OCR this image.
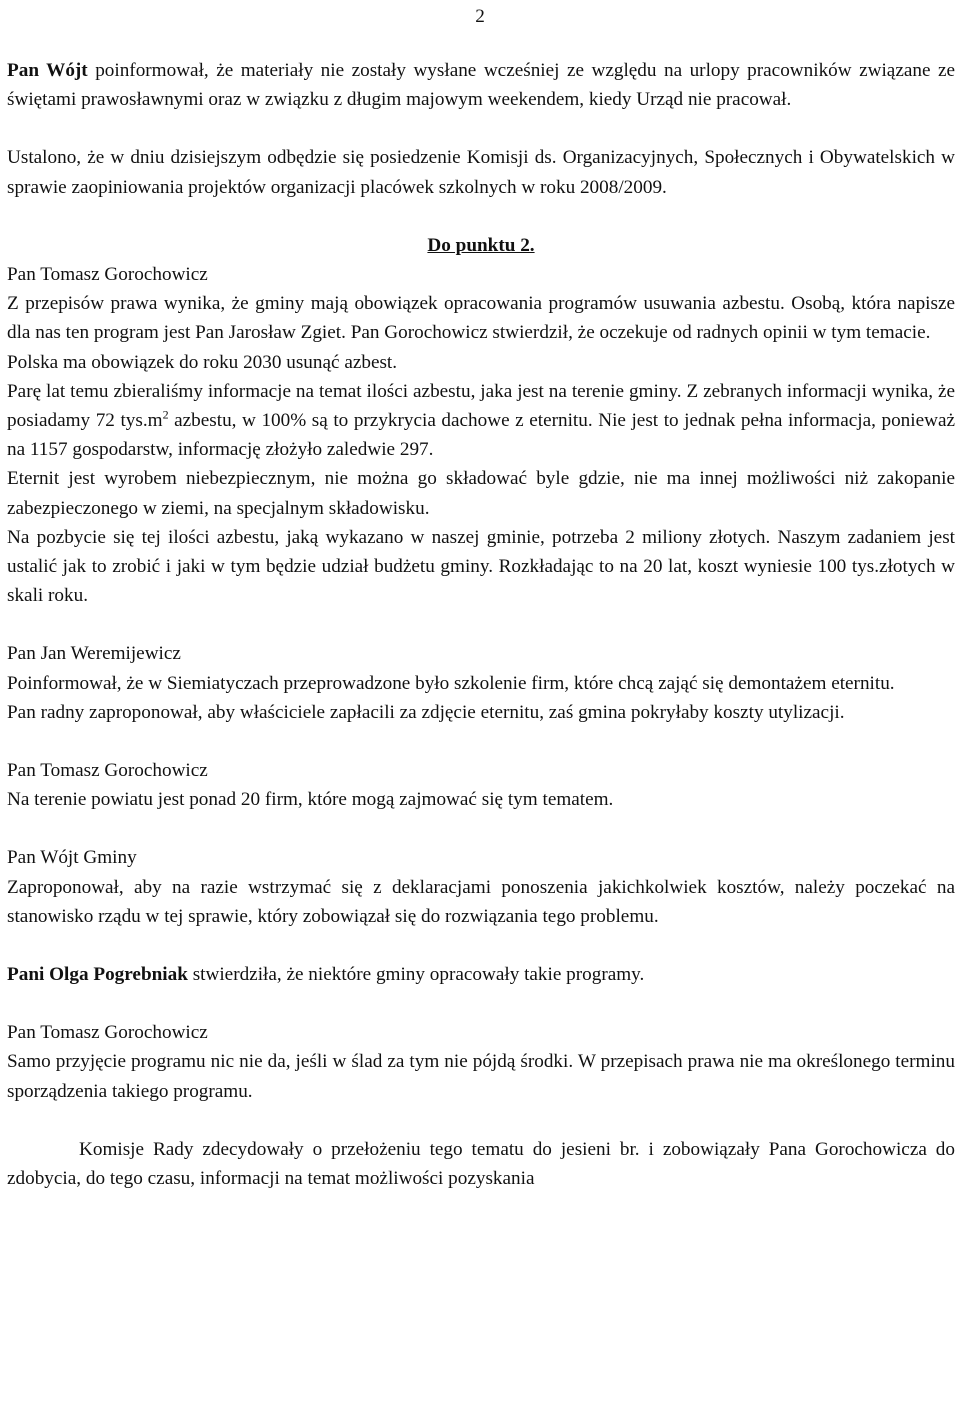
2

Pan Wójt poinformował, że materiały nie zostały wysłane wcześniej ze względu na urlopy pracowników związane ze świętami prawosławnymi oraz w związku z długim majowym weekendem, kiedy Urząd nie pracował.

Ustalono, że w dniu dzisiejszym odbędzie się posiedzenie Komisji ds. Organizacyjnych, Społecznych i Obywatelskich w sprawie zaopiniowania projektów organizacji placówek szkolnych w roku 2008/2009.

Do punktu 2.

Pan Tomasz Gorochowicz

Z przepisów prawa wynika, że gminy mają obowiązek opracowania programów usuwania azbestu. Osobą, która napisze dla nas ten program jest Pan Jarosław Zgiet. Pan Gorochowicz stwierdził, że oczekuje od radnych opinii w tym temacie.

Polska ma obowiązek do roku 2030 usunąć azbest.

Parę lat temu zbieraliśmy informacje na temat ilości azbestu, jaka jest na terenie gminy. Z zebranych informacji wynika, że posiadamy 72 $tys.m^2$ azbestu, w 100% są to przykrycia dachowe z eternitu. Nie jest to jednak pełna informacja, ponieważ na 1157 gospodarstw, informację złożyło zaledwie 297.

Eternit jest wyrobem niebezpiecznym, nie można go składować byle gdzie, nie ma innej możliwości niż zakopanie zabezpieczonego w ziemi, na specjalnym składowisku.

Na pozbycie się tej ilości azbestu, jaką wykazano w naszej gminie, potrzeba 2 miliony złotych. Naszym zadaniem jest ustalić jak to zrobić i jaki w tym będzie udział budżetu gminy. Rozkładając to na 20 lat, koszt wyniesie 100 tys.złotych w skali roku.

Pan Jan Weremijewicz

Poinformował, że w Siemiatyczach przeprowadzone było szkolenie firm, które chcą zająć się demontażem eternitu.

Pan radny zaproponował, aby właściciele zapłacili za zdjęcie eternitu, zaś gmina pokryłaby koszty utylizacji.

Pan Tomasz Gorochowicz

Na terenie powiatu jest ponad 20 firm, które mogą zajmować się tym tematem.

Pan Wójt Gminy

Zaproponował, aby na razie wstrzymać się z deklaracjami ponoszenia jakichkolwiek kosztów, należy poczekać na stanowisko rządu w tej sprawie, który zobowiązał się do rozwiązania tego problemu.

Pani Olga Pogrebniak stwierdziła, że niektóre gminy opracowały takie programy.

Pan Tomasz Gorochowicz

Samo przyjęcie programu nic nie da, jeśli w ślad za tym nie pójdą środki. W przepisach prawa nie ma określonego terminu sporządzenia takiego programu.

Komisje Rady zdecydowały o przełożeniu tego tematu do jesieni br. i zobowiązały Pana Gorochowicza do zdobycia, do tego czasu, informacji na temat możliwości pozyskania
